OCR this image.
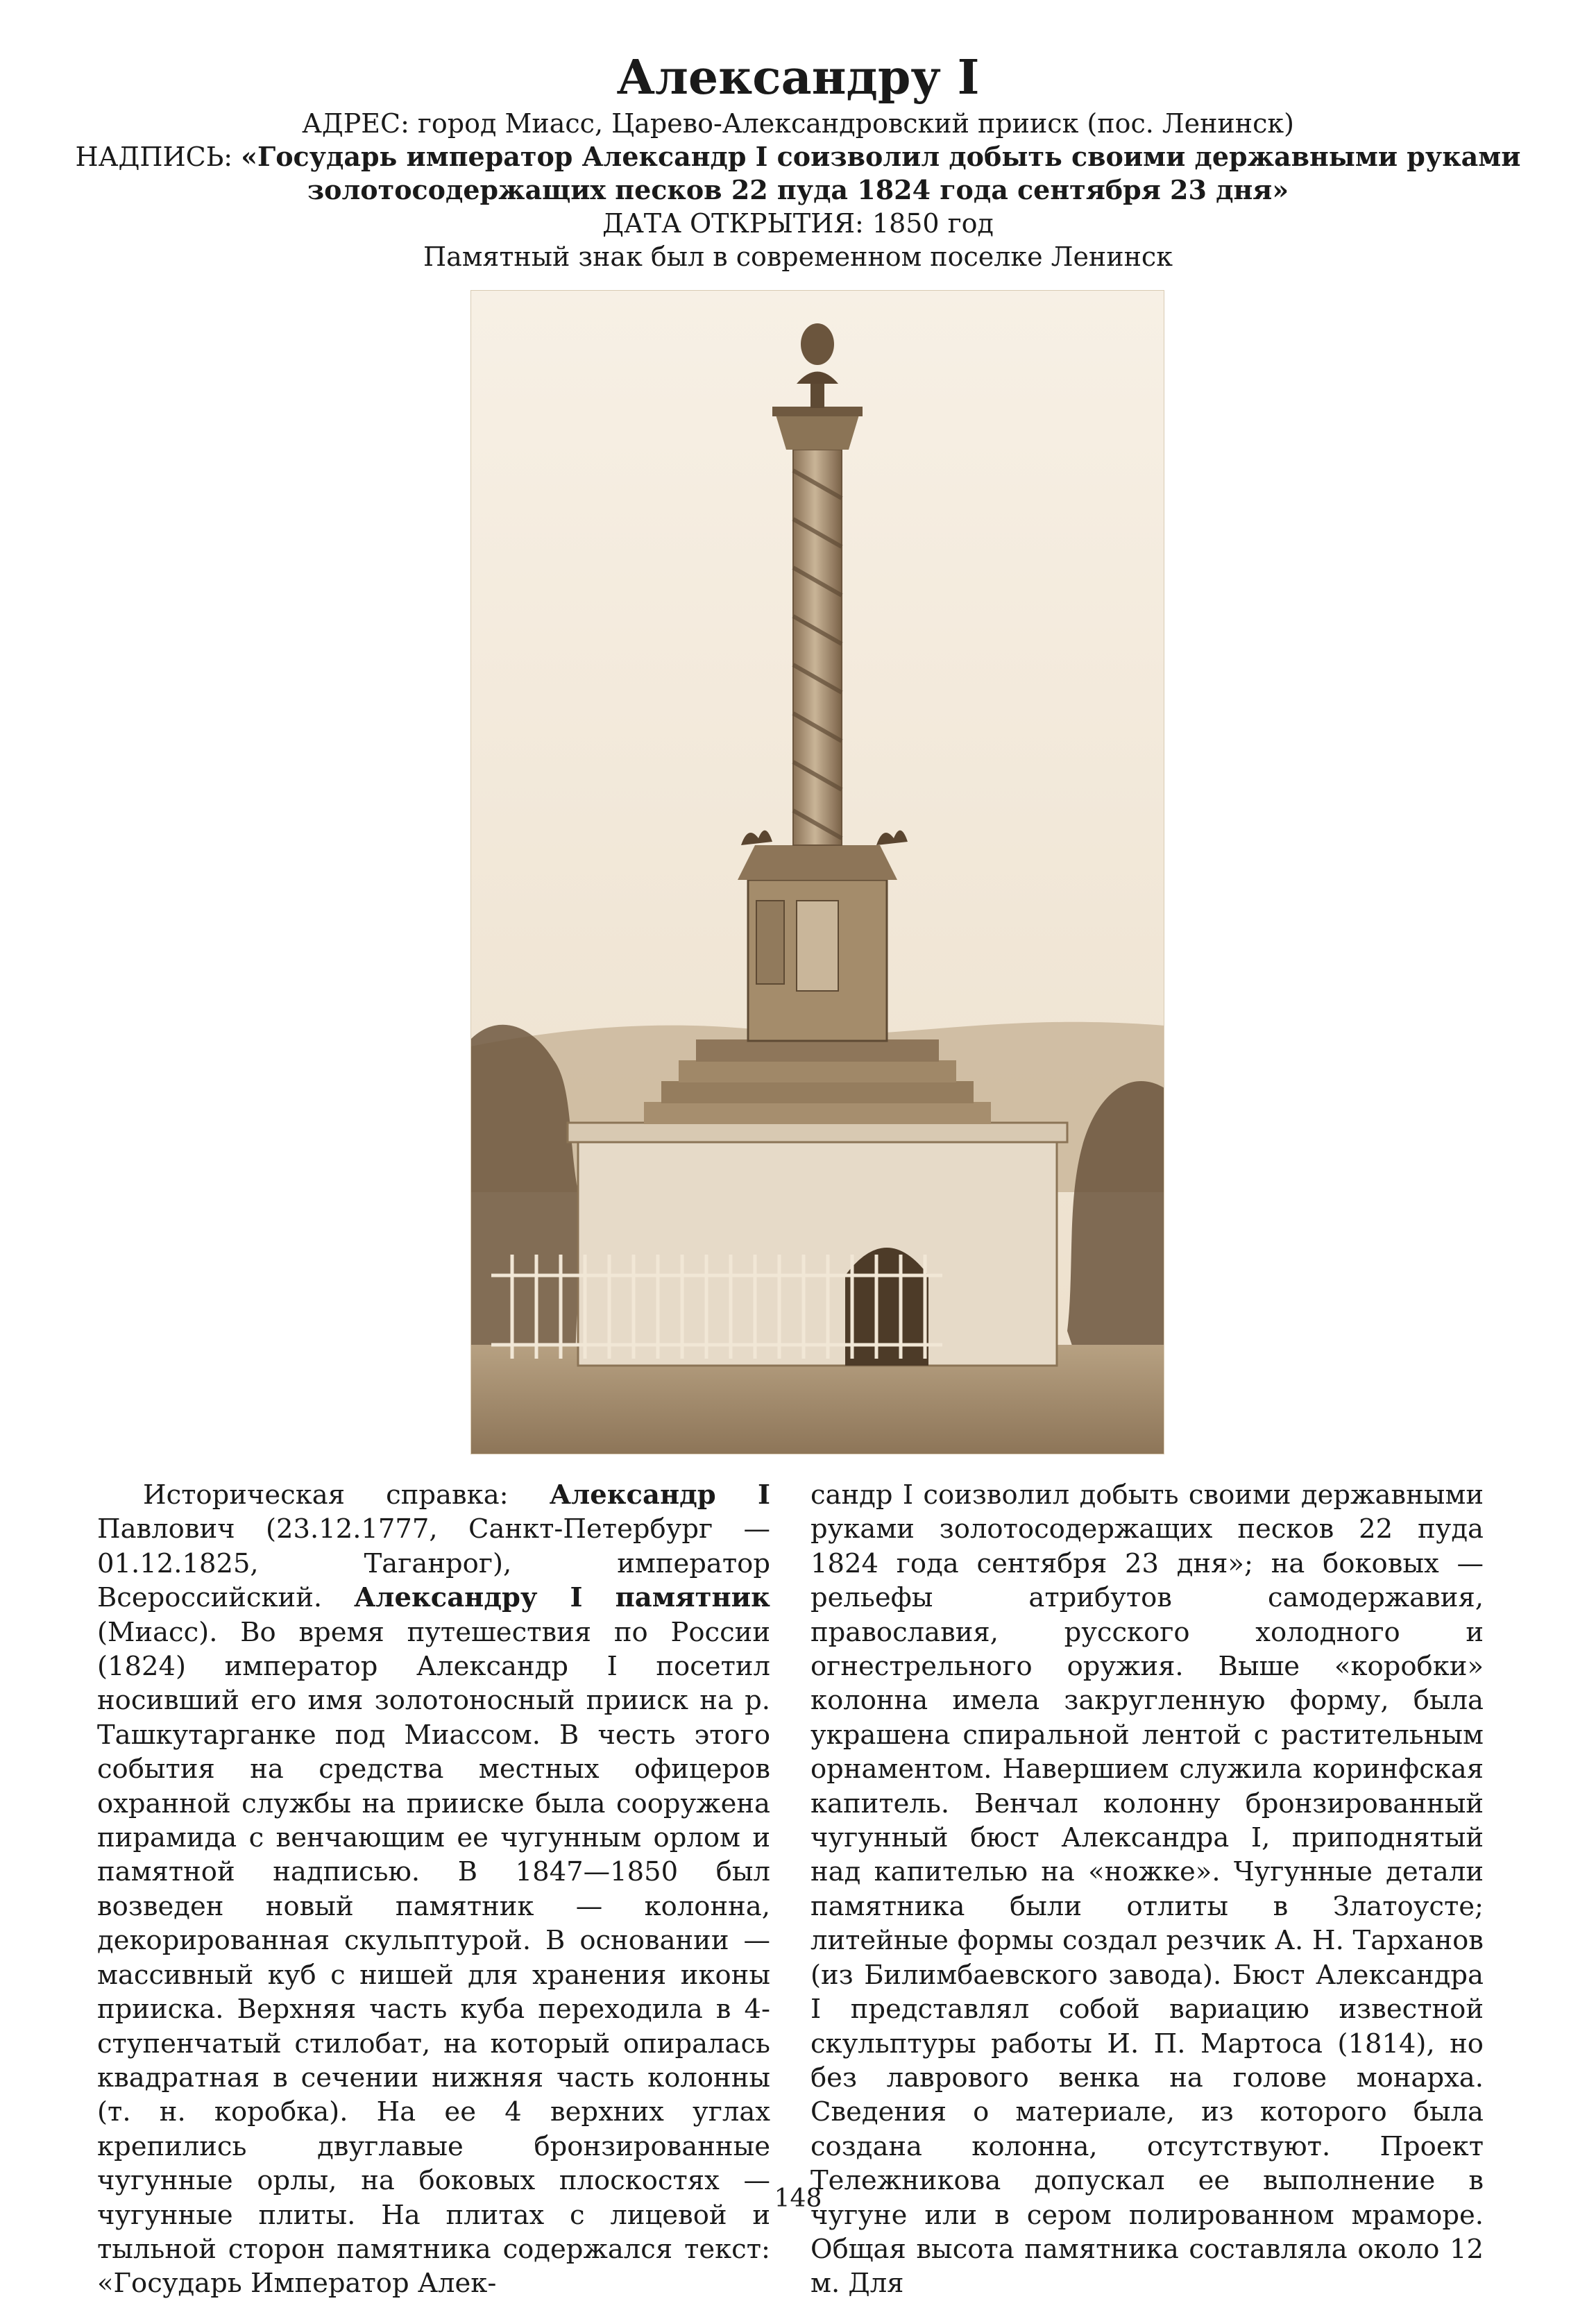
Александру I

АДРЕС: город Миасс, Царево-Александровский прииск (пос. Ленинск)

НАДПИСЬ: «Государь император Александр I соизволил добыть своими державными руками

золотосодержащих песков 22 пуда 1824 года сентября 23 дня»

ДАТА ОТКРЫТИЯ: 1850 год

Памятный знак был в современном поселке Ленинск

Историческая справка: Александр I Павлович (23.12.1777, Санкт-Петербург — 01.12.1825, Таганрог), император Всероссийский. Александру I памятник (Миасс). Во время путешествия по России (1824) император Александр I посетил носивший его имя золотоносный прииск на р. Ташкутарганке под Миассом. В честь этого события на средства местных офицеров охранной службы на прииске была сооружена пирамида с венчающим ее чугунным орлом и памятной надписью. В 1847—1850 был возведен новый памятник — колонна, декорированная скульптурой. В основании — массивный куб с нишей для хранения иконы прииска. Верхняя часть куба переходила в 4-ступенчатый стилобат, на который опиралась квадратная в сечении нижняя часть колонны (т. н. коробка). На ее 4 верхних углах крепились двуглавые бронзированные чугунные орлы, на боковых плоскостях — чугунные плиты. На плитах с лицевой и тыльной сторон памятника содержался текст: «Государь Император Алек-

сандр I соизволил добыть своими державными руками золотосодержащих песков 22 пуда 1824 года сентября 23 дня»; на боковых — рельефы атрибутов самодержавия, православия, русского холодного и огнестрельного оружия. Выше «коробки» колонна имела закругленную форму, была украшена спиральной лентой с растительным орнаментом. Навершием служила коринфская капитель. Венчал колонну бронзированный чугунный бюст Александра I, приподнятый над капителью на «ножке». Чугунные детали памятника были отлиты в Златоусте; литейные формы создал резчик А. Н. Тарханов (из Билимбаевского завода). Бюст Александра I представлял собой вариацию известной скульптуры работы И. П. Мартоса (1814), но без лаврового венка на голове монарха. Сведения о материале, из которого была создана колонна, отсутствуют. Проект Тележникова допускал ее выполнение в чугуне или в сером полированном мраморе. Общая высота памятника составляла около 12 м. Для

148
